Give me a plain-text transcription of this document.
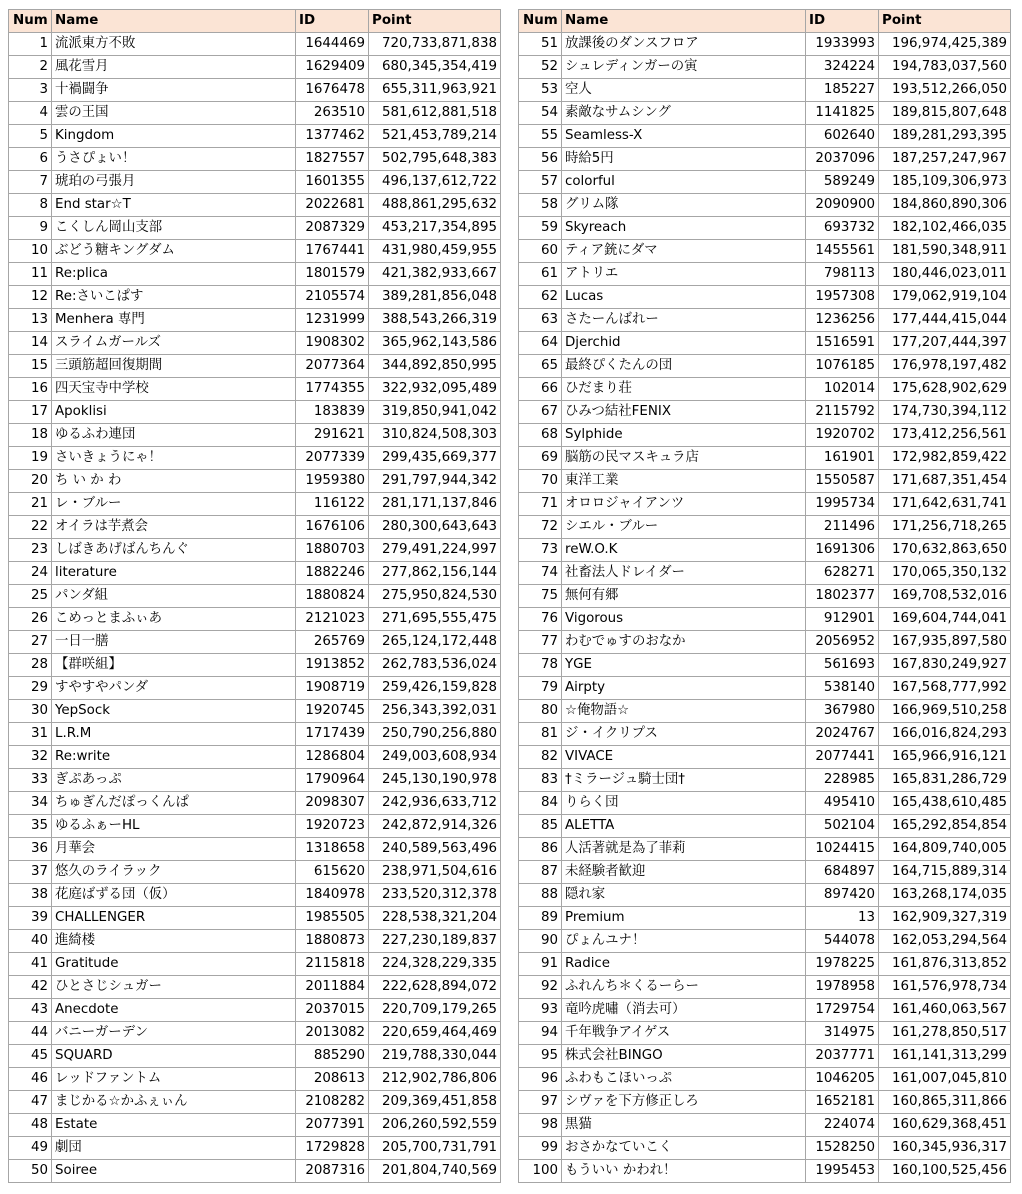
Num	Name	ID	Point
1	流派東方不敗	1644469	720,733,871,838
2	風花雪月	1629409	680,345,354,419
3	十禍闘争	1676478	655,311,963,921
4	雲の王国	263510	581,612,881,518
5	Kingdom	1377462	521,453,789,214
6	うさぴょい！	1827557	502,795,648,383
7	琥珀の弓張月	1601355	496,137,612,722
8	End star☆T	2022681	488,861,295,632
9	こくしん岡山支部	2087329	453,217,354,895
10	ぶどう糖キングダム	1767441	431,980,459,955
11	Re:plica	1801579	421,382,933,667
12	Re:さいこぱす	2105574	389,281,856,048
13	Menhera 専門	1231999	388,543,266,319
14	スライムガールズ	1908302	365,962,143,586
15	三頭筋超回復期間	2077364	344,892,850,995
16	四天宝寺中学校	1774355	322,932,095,489
17	Apoklisi	183839	319,850,941,042
18	ゆるふわ連団	291621	310,824,508,303
19	さいきょうにゃ！	2077339	299,435,669,377
20	ち い か わ	1959380	291,797,944,342
21	レ・ブルー	116122	281,171,137,846
22	オイラは芋煮会	1676106	280,300,643,643
23	しばきあげばんちんぐ	1880703	279,491,224,997
24	literature	1882246	277,862,156,144
25	パンダ組	1880824	275,950,824,530
26	こめっとまふぃあ	2121023	271,695,555,475
27	一日一膳	265769	265,124,172,448
28	【群咲組】	1913852	262,783,536,024
29	すやすやパンダ	1908719	259,426,159,828
30	YepSock	1920745	256,343,392,031
31	L.R.M	1717439	250,790,256,880
32	Re:write	1286804	249,003,608,934
33	ぎぷあっぷ	1790964	245,130,190,978
34	ちゅぎんだぽっくんぱ	2098307	242,936,633,712
35	ゆるふぁーHL	1920723	242,872,914,326
36	月華会	1318658	240,589,563,496
37	悠久のライラック	615620	238,971,504,616
38	花庭ばずる団（仮）	1840978	233,520,312,378
39	CHALLENGER	1985505	228,538,321,204
40	進綺楼	1880873	227,230,189,837
41	Gratitude	2115818	224,328,229,335
42	ひとさじシュガー	2011884	222,628,894,072
43	Anecdote	2037015	220,709,179,265
44	バニーガーデン	2013082	220,659,464,469
45	SQUARD	885290	219,788,330,044
46	レッドファントム	208613	212,902,786,806
47	まじかる☆かふぇぃん	2108282	209,369,451,858
48	Estate	2077391	206,260,592,559
49	劇団	1729828	205,700,731,791
50	Soiree	2087316	201,804,740,569
Num	Name	ID	Point
51	放課後のダンスフロア	1933993	196,974,425,389
52	シュレディンガーの寅	324224	194,783,037,560
53	空人	185227	193,512,266,050
54	素敵なサムシング	1141825	189,815,807,648
55	Seamless-X	602640	189,281,293,395
56	時給5円	2037096	187,257,247,967
57	colorful	589249	185,109,306,973
58	グリム隊	2090900	184,860,890,306
59	Skyreach	693732	182,102,466,035
60	ティア銃にダマ	1455561	181,590,348,911
61	アトリエ	798113	180,446,023,011
62	Lucas	1957308	179,062,919,104
63	さたーんばれー	1236256	177,444,415,044
64	Djerchid	1516591	177,207,444,397
65	最終ぴくたんの団	1076185	176,978,197,482
66	ひだまり荘	102014	175,628,902,629
67	ひみつ結社FENIX	2115792	174,730,394,112
68	Sylphide	1920702	173,412,256,561
69	脳筋の民マスキュラ店	161901	172,982,859,422
70	東洋工業	1550587	171,687,351,454
71	オロロジャイアンツ	1995734	171,642,631,741
72	シエル・ブルー	211496	171,256,718,265
73	reW.O.K	1691306	170,632,863,650
74	社畜法人ドレイダー	628271	170,065,350,132
75	無何有郷	1802377	169,708,532,016
76	Vigorous	912901	169,604,744,041
77	わむでゅすのおなか	2056952	167,935,897,580
78	YGE	561693	167,830,249,927
79	Airpty	538140	167,568,777,992
80	☆俺物語☆	367980	166,969,510,258
81	ジ・イクリプス	2024767	166,016,824,293
82	VIVACE	2077441	165,966,916,121
83	†ミラージュ騎士団†	228985	165,831,286,729
84	りらく団	495410	165,438,610,485
85	ALETTA	502104	165,292,854,854
86	人活著就是為了菲莉	1024415	164,809,740,005
87	未経験者歓迎	684897	164,715,889,314
88	隠れ家	897420	163,268,174,035
89	Premium	13	162,909,327,319
90	ぴょんユナ！	544078	162,053,294,564
91	Radice	1978225	161,876,313,852
92	ふれんち＊くるーらー	1978958	161,576,978,734
93	竜吟虎嘯（消去可）	1729754	161,460,063,567
94	千年戦争アイゲス	314975	161,278,850,517
95	株式会社BINGO	2037771	161,141,313,299
96	ふわもこほいっぷ	1046205	161,007,045,810
97	シヴァを下方修正しろ	1652181	160,865,311,866
98	黒猫	224074	160,629,368,451
99	おさかなていこく	1528250	160,345,936,317
100	もういい かわれ！	1995453	160,100,525,456
